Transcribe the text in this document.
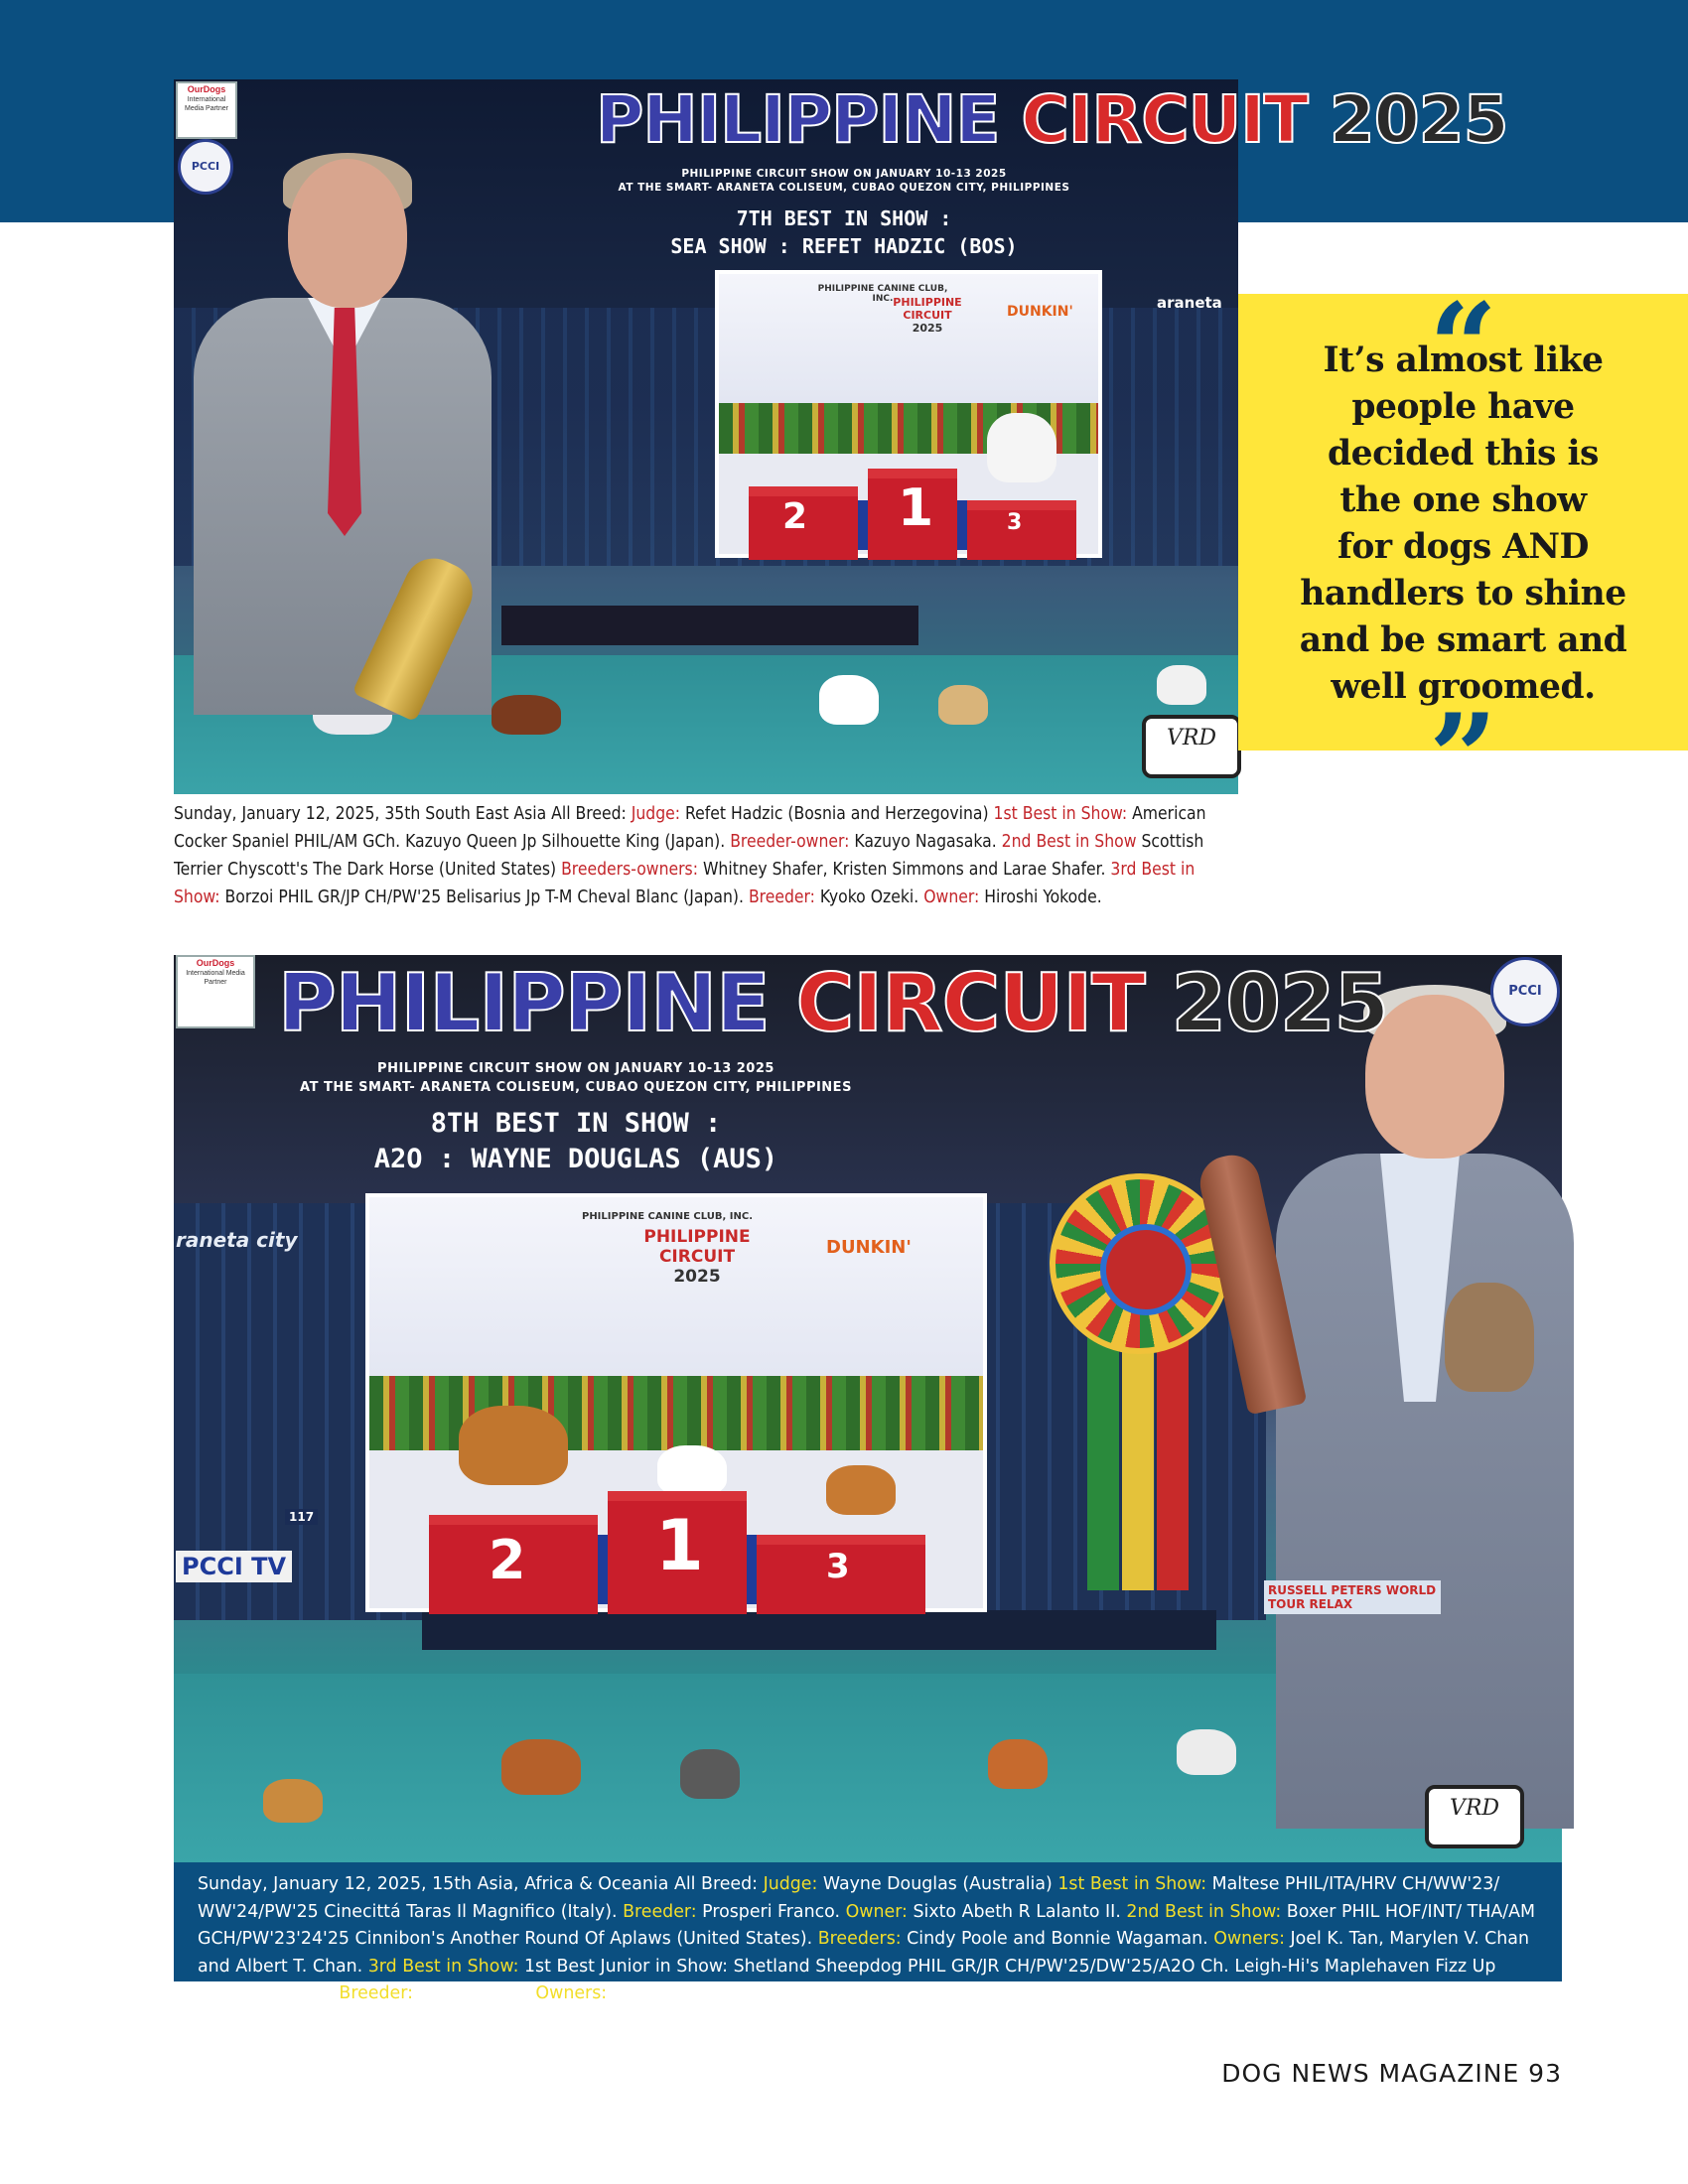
OurDogs
International Media Partner
PCCI
PHILIPPINE CIRCUIT 2025
PHILIPPINE CIRCUIT SHOW ON JANUARY 10-13 2025
AT THE SMART- ARANETA COLISEUM, CUBAO QUEZON CITY, PHILIPPINES
7TH BEST IN SHOW :
SEA SHOW : REFET HADZIC (BOS)
araneta
PHILIPPINE CANINE CLUB, INC. PHILIPPINE CIRCUIT
2025
DUNKIN'
1
2	3
VRD
Sunday, January 12, 2025, 35th South East Asia All Breed: Judge: Refet Hadzic (Bosnia and Herzegovina) 1st Best in Show: American Cocker Spaniel PHIL/AM GCh. Kazuyo Queen Jp Silhouette King (Japan). Breeder-owner: Kazuyo Nagasaka. 2nd Best in Show Scottish Terrier Chyscott's The Dark Horse (United States) Breeders-owners: Whitney Shafer, Kristen Simmons and Larae Shafer. 3rd Best in Show: Borzoi PHIL GR/JP CH/PW'25 Belisarius Jp T-M Cheval Blanc (Japan). Breeder: Kyoko Ozeki. Owner: Hiroshi Yokode.
“
It’s almost like
people have
decided this is
the one show
for dogs AND
handlers to shine
and be smart and
well groomed.
”
raneta city
117
PCCI TV
RUSSELL PETERS WORLD TOUR RELAX
OurDogs
International Media Partner
PCCI
PHILIPPINE CIRCUIT 2025
PHILIPPINE CIRCUIT SHOW ON JANUARY 10-13 2025
AT THE SMART- ARANETA COLISEUM, CUBAO QUEZON CITY, PHILIPPINES
8TH BEST IN SHOW :
A2O : WAYNE DOUGLAS (AUS)
PHILIPPINE CANINE CLUB, INC.
PHILIPPINE CIRCUIT
2025
DUNKIN'
1
2	3
VRD
Sunday, January 12, 2025, 15th Asia, Africa & Oceania All Breed: Judge: Wayne Douglas (Australia) 1st Best in Show: Maltese PHIL/ITA/HRV CH/WW'23/ WW'24/PW'25 Cinecittá Taras Il Magnifico (Italy). Breeder: Prosperi Franco. Owner: Sixto Abeth R Lalanto II. 2nd Best in Show: Boxer PHIL HOF/INT/ THA/AM GCH/PW'23'24'25 Cinnibon's Another Round Of Aplaws (United States). Breeders: Cindy Poole and Bonnie Wagaman. Owners: Joel K. Tan, Marylen V. Chan and Albert T. Chan. 3rd Best in Show: 1st Best Junior in Show: Shetland Sheepdog PHIL GR/JR CH/PW'25/DW'25/A2O Ch. Leigh-Hi's Maplehaven Fizz Up (United States). Breeder: Kristi Walker. Owners: Amanda Lim Si Min and Ryu Chang Su.
DOG NEWS MAGAZINE 93
